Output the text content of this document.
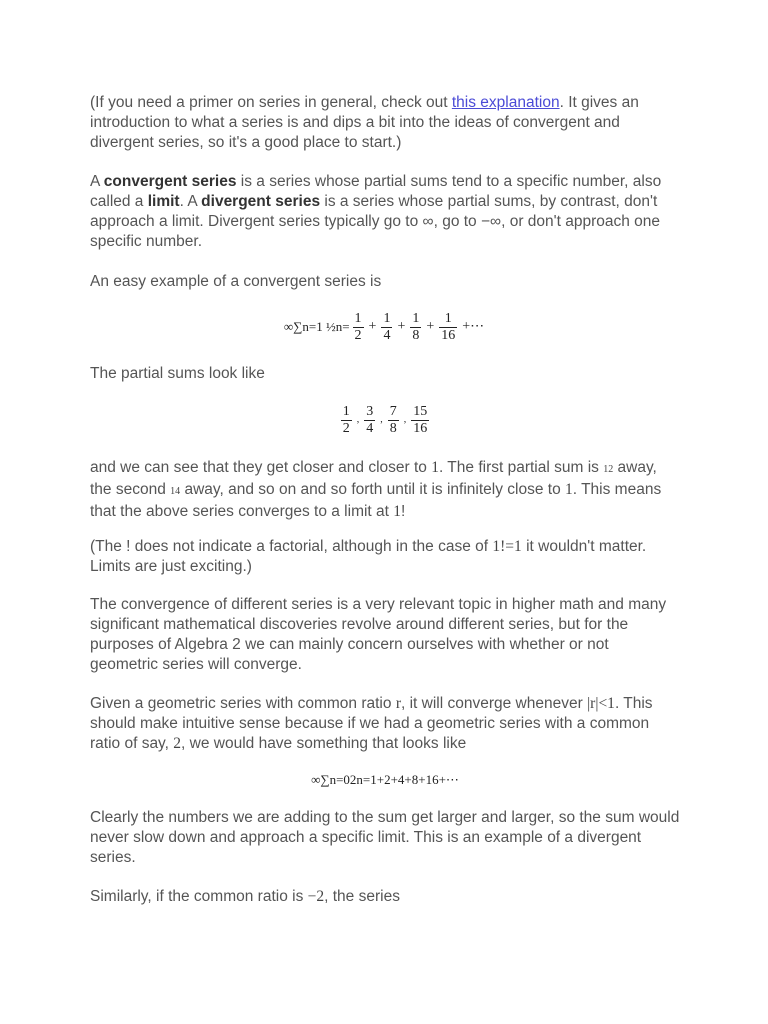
(If you need a primer on series in general, check out this explanation. It gives an introduction to what a series is and dips a bit into the ideas of convergent and divergent series, so it's a good place to start.)

A convergent series is a series whose partial sums tend to a specific number, also called a limit. A divergent series is a series whose partial sums, by contrast, don't approach a limit. Divergent series typically go to ∞, go to −∞, or don't approach one specific number.

An easy example of a convergent series is

∞∑n=1 ½n= $\frac{1}{2} + \frac{1}{4} + \frac{1}{8} + \frac{1}{16}$ +⋯

The partial sums look like

$\frac{1}{2}$ , $\frac{3}{4}$ , $\frac{7}{8}$ , $\frac{15}{16}$

and we can see that they get closer and closer to 1. The first partial sum is 12 away, the second 14 away, and so on and so forth until it is infinitely close to 1. This means that the above series converges to a limit at 1!

(The ! does not indicate a factorial, although in the case of 1!=1 it wouldn't matter. Limits are just exciting.)

The convergence of different series is a very relevant topic in higher math and many significant mathematical discoveries revolve around different series, but for the purposes of Algebra 2 we can mainly concern ourselves with whether or not geometric series will converge.

Given a geometric series with common ratio r, it will converge whenever |r|<1. This should make intuitive sense because if we had a geometric series with a common ratio of say, 2, we would have something that looks like

∞∑n=02n=1+2+4+8+16+⋯

Clearly the numbers we are adding to the sum get larger and larger, so the sum would never slow down and approach a specific limit. This is an example of a divergent series.

Similarly, if the common ratio is −2, the series
